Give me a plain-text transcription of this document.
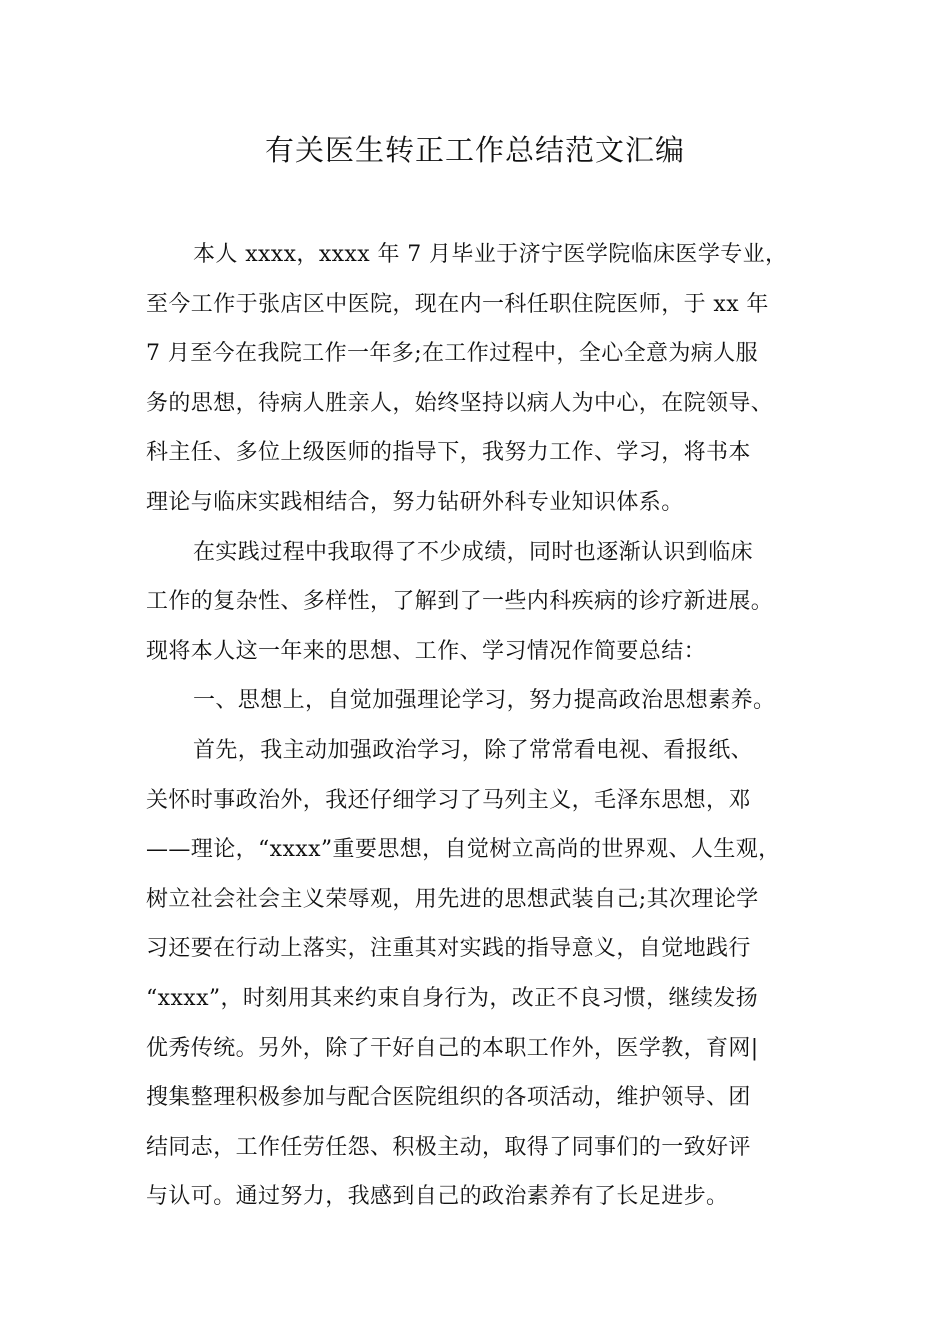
有关医生转正工作总结范文汇编
本人 xxxx，xxxx 年 7 月毕业于济宁医学院临床医学专业，
至今工作于张店区中医院，现在内一科任职住院医师，于 xx 年
7 月至今在我院工作一年多;在工作过程中，全心全意为病人服
务的思想，待病人胜亲人，始终坚持以病人为中心，在院领导、
科主任、多位上级医师的指导下，我努力工作、学习，将书本
理论与临床实践相结合，努力钻研外科专业知识体系。
在实践过程中我取得了不少成绩，同时也逐渐认识到临床
工作的复杂性、多样性，了解到了一些内科疾病的诊疗新进展。
现将本人这一年来的思想、工作、学习情况作简要总结：
一、思想上，自觉加强理论学习，努力提高政治思想素养。
首先，我主动加强政治学习，除了常常看电视、看报纸、
关怀时事政治外，我还仔细学习了马列主义，毛泽东思想，邓
——理论，“xxxx”重要思想，自觉树立高尚的世界观、人生观，
树立社会社会主义荣辱观，用先进的思想武装自己;其次理论学
习还要在行动上落实，注重其对实践的指导意义，自觉地践行
“xxxx”，时刻用其来约束自身行为，改正不良习惯，继续发扬
优秀传统。另外，除了干好自己的本职工作外，医学教，育网|
搜集整理积极参加与配合医院组织的各项活动，维护领导、团
结同志，工作任劳任怨、积极主动，取得了同事们的一致好评
与认可。通过努力，我感到自己的政治素养有了长足进步。
